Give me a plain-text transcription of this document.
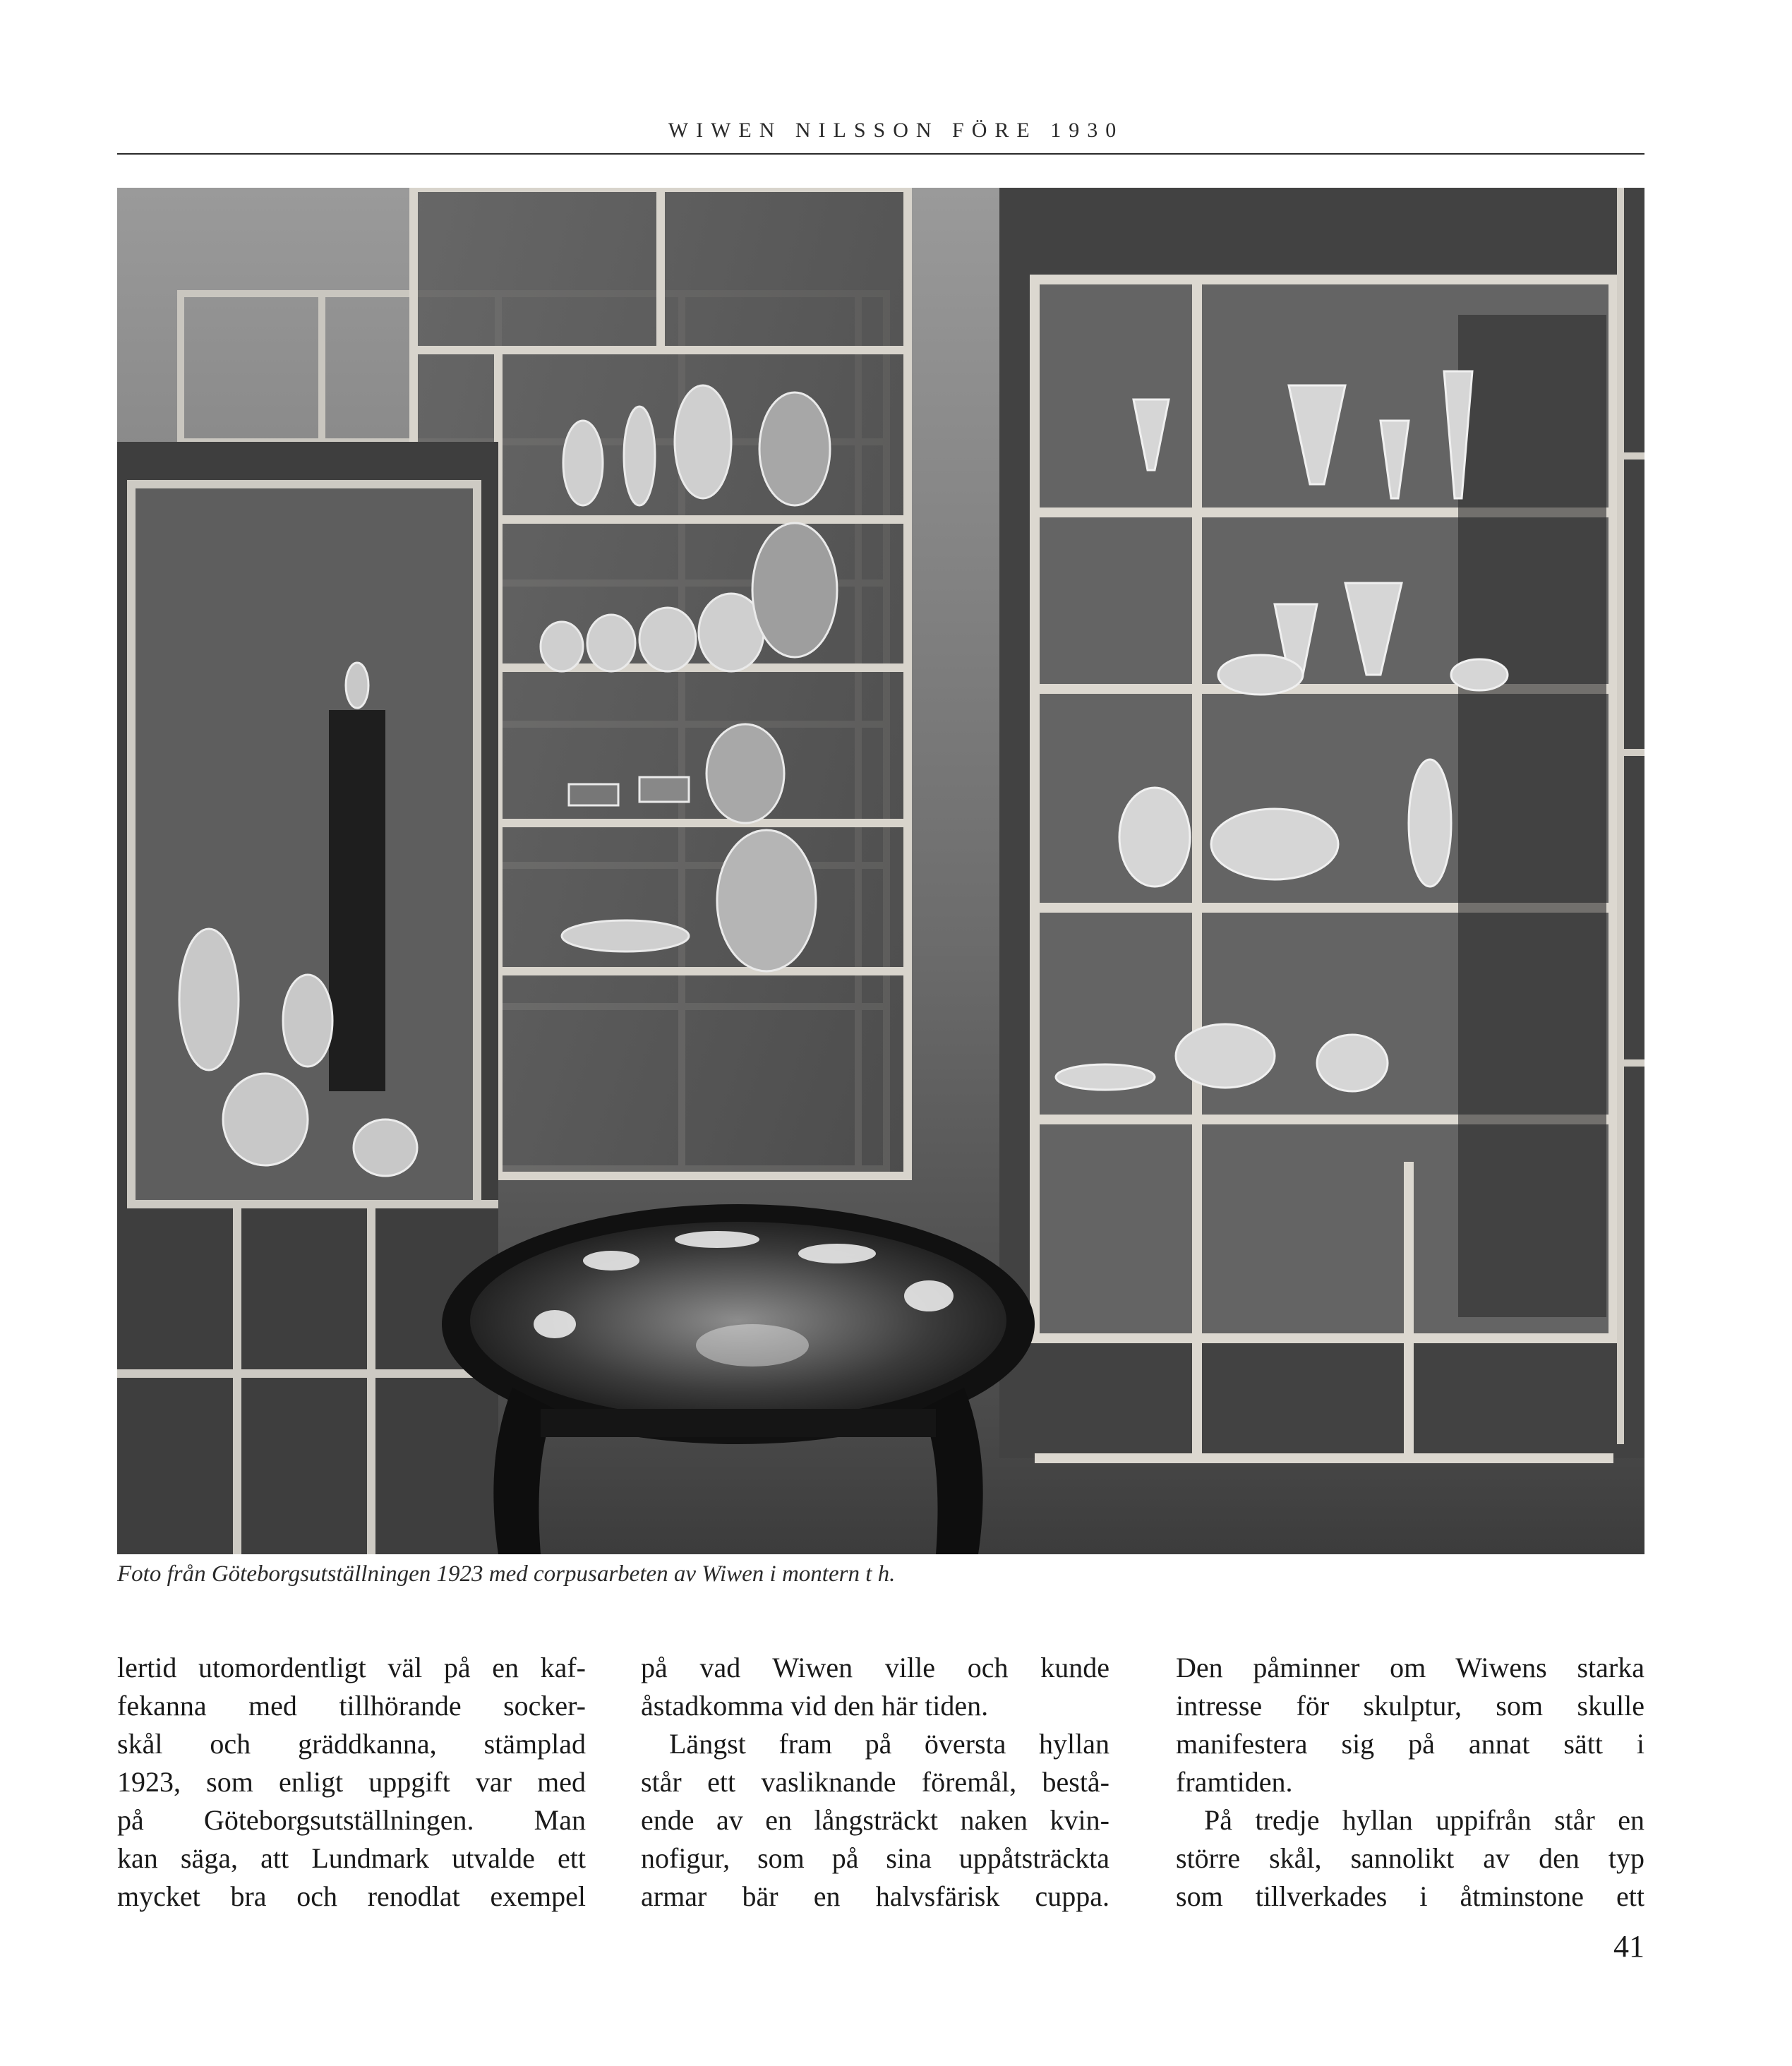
WIWEN NILSSON FÖRE 1930
Foto från Göteborgsutställningen 1923 med corpusarbeten av Wiwen i montern t h.
lertid utomordentligt väl på en kaf-
fekanna med tillhörande socker-
skål och gräddkanna, stämplad
1923, som enligt uppgift var med
på Göteborgsutställningen. Man
kan säga, att Lundmark utvalde ett
mycket bra och renodlat exempel
på vad Wiwen ville och kunde
åstadkomma vid den här tiden.
Längst fram på översta hyllan
står ett vasliknande föremål, bestå-
ende av en långsträckt naken kvin-
nofigur, som på sina uppåtsträckta
armar bär en halvsfärisk cuppa.
Den påminner om Wiwens starka
intresse för skulptur, som skulle
manifestera sig på annat sätt i
framtiden.
På tredje hyllan uppifrån står en
större skål, sannolikt av den typ
som tillverkades i åtminstone ett
41
